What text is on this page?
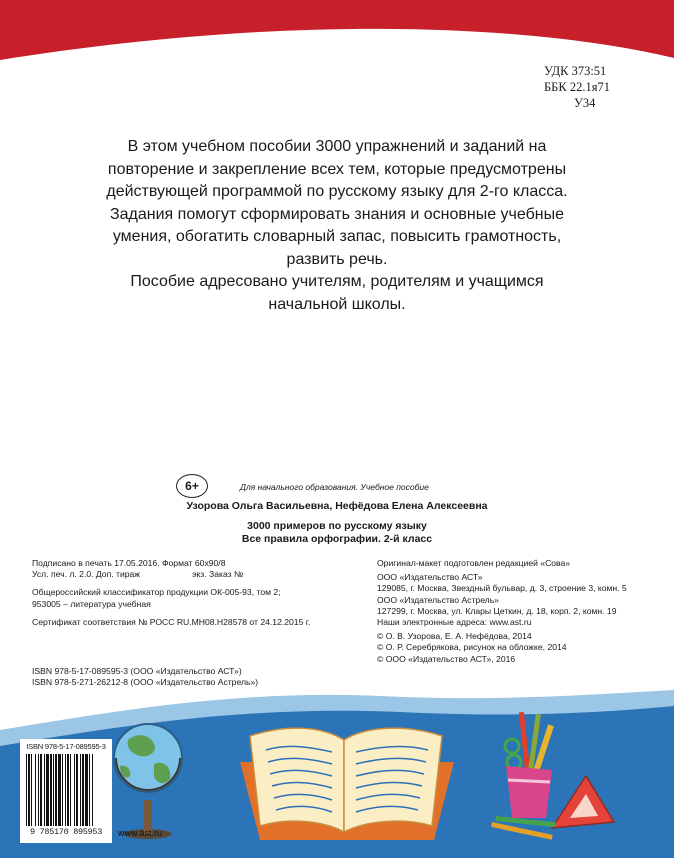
УДК 373:51
ББК 22.1я71
У34

В этом учебном пособии 3000 упражнений и заданий на повторение и закрепление всех тем, которые предусмотрены действующей программой по русскому языку для 2-го класса. Задания помогут сформировать знания и основные учебные умения, обогатить словарный запас, повысить грамотность, развить речь.

Пособие адресовано учителям, родителям и учащимся начальной школы.

6+	Для начального образования. Учебное пособие
Узорова Ольга Васильевна, Нефёдова Елена Алексеевна
3000 примеров по русскому языку
Все правила орфографии. 2-й класс
Подписано в печать 17.05.2016. Формат 60x90/8
Усл. печ. л. 2.0. Доп. тираж	экз. Заказ №
Общероссийский классификатор продукции ОК-005-93, том 2;
953005 – литература учебная
Сертификат соответствия № РОСС RU.МН08.Н28578 от 24.12.2015 г.
Оригинал-макет подготовлен редакцией «Сова»
ООО «Издательство АСТ»
129085, г. Москва, Звездный бульвар, д. 3, строение 3, комн. 5
ООО «Издательство Астрель»
127299, г. Москва, ул. Клары Цеткин, д. 18, корп. 2, комн. 19
Наши электронные адреса: www.ast.ru
© О. В. Узорова, Е. А. Нефёдова, 2014
© О. Р. Серебрякова, рисунок на обложке, 2014
© ООО «Издательство АСТ», 2016
ISBN 978-5-17-089595-3 (ООО «Издательство АСТ»)
ISBN 978-5-271-26212-8 (ООО «Издательство Астрель»)
ISBN 978-5-17-089595-3
9 785170 895953	www.ast.ru
